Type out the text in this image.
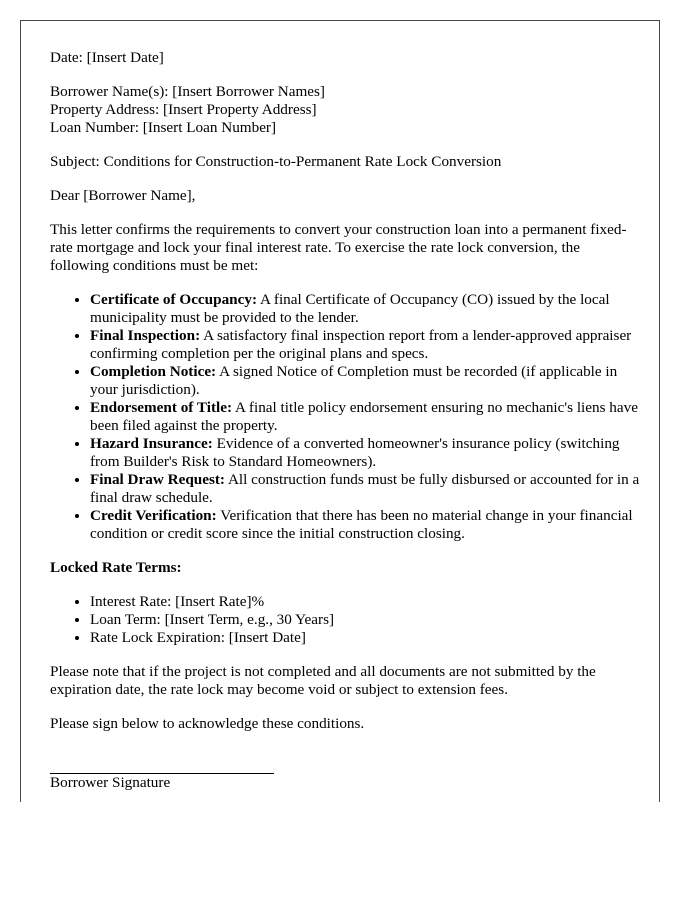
Date: [Insert Date]

Borrower Name(s): [Insert Borrower Names]

Property Address: [Insert Property Address]

Loan Number: [Insert Loan Number]

Subject: Conditions for Construction-to-Permanent Rate Lock Conversion

Dear [Borrower Name],

This letter confirms the requirements to convert your construction loan into a permanent fixed-rate mortgage and lock your final interest rate. To exercise the rate lock conversion, the following conditions must be met:

• Certificate of Occupancy: A final Certificate of Occupancy (CO) issued by the local municipality must be provided to the lender.
• Final Inspection: A satisfactory final inspection report from a lender-approved appraiser confirming completion per the original plans and specs.
• Completion Notice: A signed Notice of Completion must be recorded (if applicable in your jurisdiction).
• Endorsement of Title: A final title policy endorsement ensuring no mechanic's liens have been filed against the property.
• Hazard Insurance: Evidence of a converted homeowner's insurance policy (switching from Builder's Risk to Standard Homeowners).
• Final Draw Request: All construction funds must be fully disbursed or accounted for in a final draw schedule.
• Credit Verification: Verification that there has been no material change in your financial condition or credit score since the initial construction closing.

Locked Rate Terms:

• Interest Rate: [Insert Rate]%
• Loan Term: [Insert Term, e.g., 30 Years]
• Rate Lock Expiration: [Insert Date]

Please note that if the project is not completed and all documents are not submitted by the expiration date, the rate lock may become void or subject to extension fees.

Please sign below to acknowledge these conditions.

Borrower Signature
